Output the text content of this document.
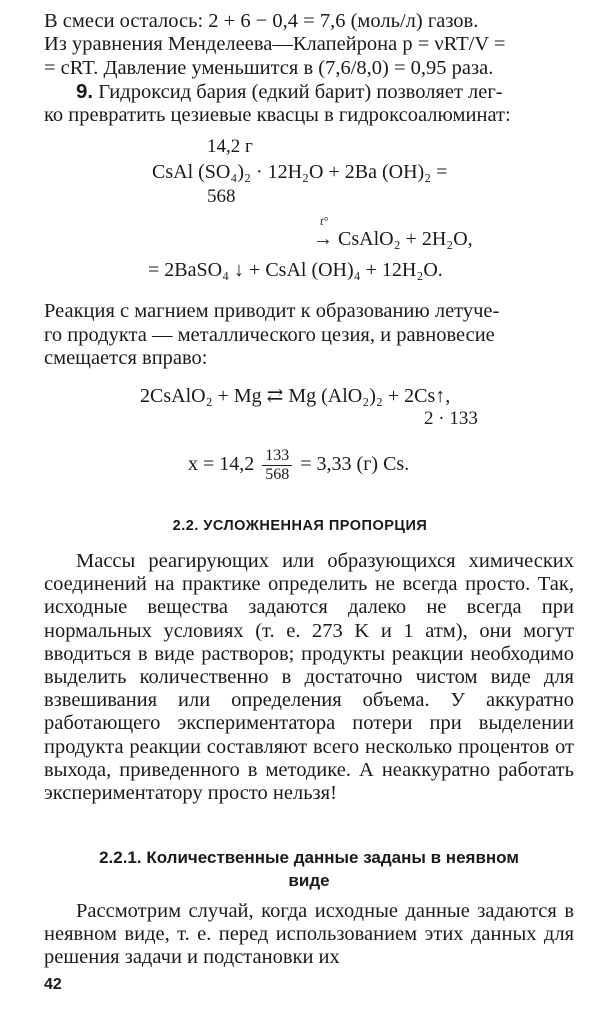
В смеси осталось: 2 + 6 − 0,4 = 7,6 (моль/л) газов.
Из уравнения Менделеева—Клапейрона p = νRT/V =
= cRT. Давление уменьшится в (7,6/8,0) = 0,95 раза.
9. Гидроксид бария (едкий барит) позволяет лег-
ко превратить цезиевые квасцы в гидроксоалюминат:
14,2 г
CsAl (SO₄)₂ · 12H₂O + 2Ba (OH)₂ =
568
t°
→ CsAlO₂ + 2H₂O,
= 2BaSO₄ ↓ + CsAl (OH)₄ + 12H₂O.
Реакция с магнием приводит к образованию летуче-
го продукта — металлического цезия, и равновесие
смещается вправо:
2CsAlO₂ + Mg ⇄ Mg (AlO₂)₂ + 2Cs↑,
2 · 133
$x = 14,2 \frac{133}{568} = 3,33$ (г) Cs.
2.2. УСЛОЖНЕННАЯ ПРОПОРЦИЯ

Массы реагирующих или образующихся химических соединений на практике определить не всегда просто. Так, исходные вещества задаются далеко не всегда при нормальных условиях (т. е. 273 K и 1 атм), они могут вводиться в виде растворов; продукты реакции необходимо выделить количественно в достаточно чистом виде для взвешивания или определения объема. У аккуратно работающего экспериментатора потери при выделении продукта реакции составляют всего несколько процентов от выхода, приведенного в методике. А неаккуратно работать экспериментатору просто нельзя!

2.2.1. Количественные данные заданы в неявном
виде

Рассмотрим случай, когда исходные данные задаются в неявном виде, т. е. перед использованием этих данных для решения задачи и подстановки их

42
